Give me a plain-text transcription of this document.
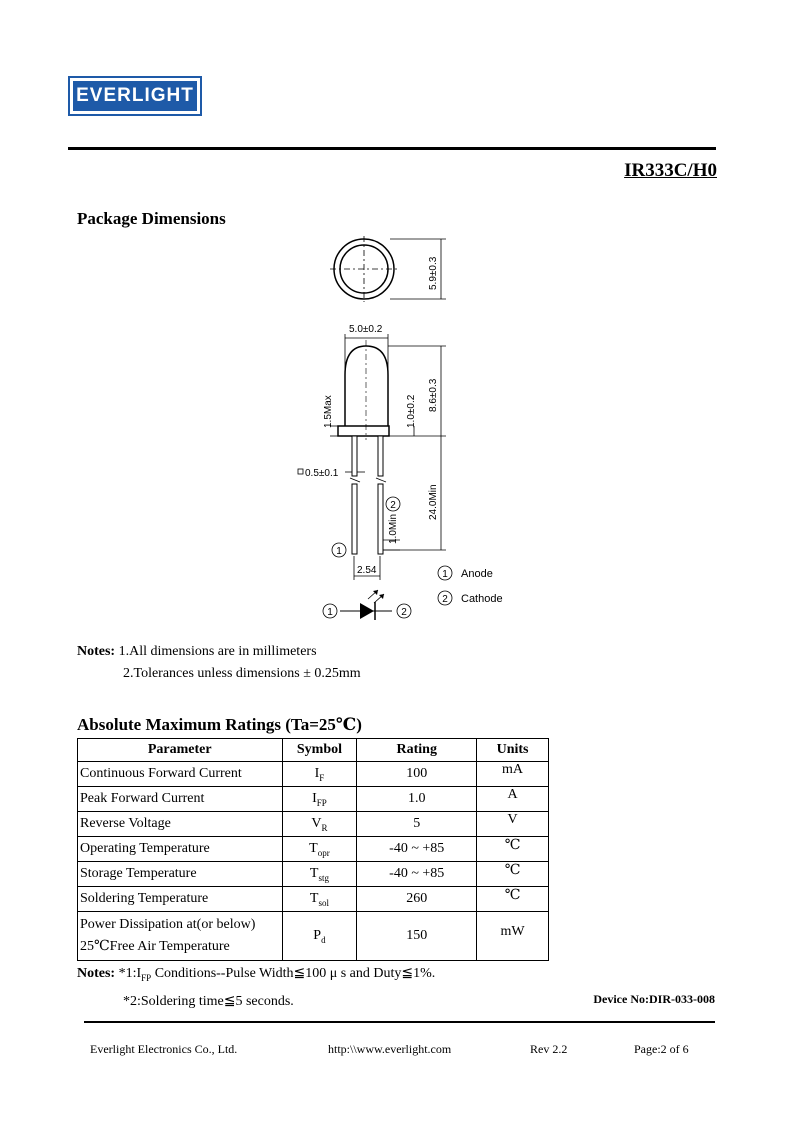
EVERLIGHT
IR333C/H0
Package Dimensions
5.9±0.3
5.0±0.2
8.6±0.3
1.0±0.2
1.5Max
24.0Min
0.5±0.1
1.0Min
2.54
1
2
1 Anode
2 Cathode
1	2
Notes: 1.All dimensions are in millimeters
2.Tolerances unless dimensions ± 0.25mm
Absolute Maximum Ratings (Ta=25℃)
Parameter	Symbol	Rating	Units
Continuous Forward Current	$I_F$	100	mA
Peak Forward Current	$I_{FP}$	1.0	A
Reverse Voltage	$V_R$	5	V
Operating Temperature	$T_{opr}$	-40 ~ +85	℃
Storage Temperature	$T_{stg}$	-40 ~ +85	℃
Soldering Temperature	$T_{sol}$	260	℃

Power Dissipation at(or below)
25℃Free Air Temperature	$P_d$	150	mW
Notes: $*1:I_{FP}$ Conditions--Pulse Width≦100 μ s and Duty≦1%.
*2:Soldering time≦5 seconds.	Device No:DIR-033-008
Everlight Electronics Co., Ltd.	http:\\www.everlight.com	Rev 2.2	Page:2 of 6
